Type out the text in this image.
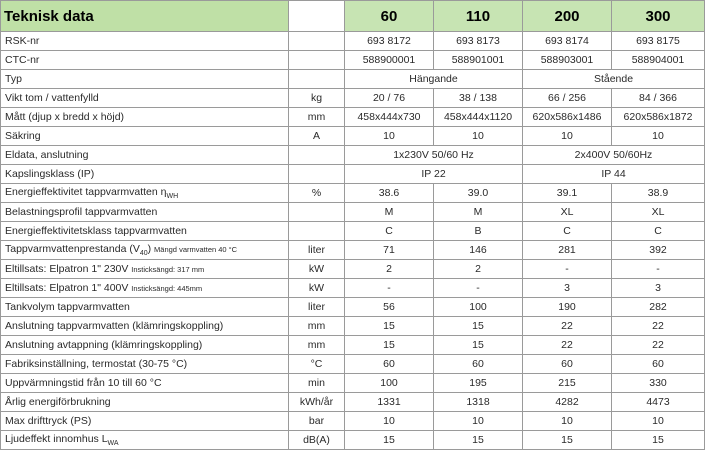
Teknisk data		60	110	200	300
RSK-nr		693 8172	693 8173	693 8174	693 8175
CTC-nr		588900001	588901001	588903001	588904001
Typ		Hängande		Stående	
Vikt tom / vattenfylld	kg	20 / 76	38 / 138	66 / 256	84 / 366
Mått (djup x bredd x höjd)	mm	458x444x730	458x444x1120	620x586x1486	620x586x1872
Säkring	A	10	10	10	10
Eldata, anslutning		1x230V 50/60 Hz		2x400V 50/60Hz	
Kapslingsklass (IP)		IP 22		IP 44	
Energieffektivitet tappvarmvatten $\eta_{WH}$	%	38.6	39.0	39.1	38.9
Belastningsprofil tappvarmvatten		M	M	XL	XL
Energieffektivitetsklass tappvarmvatten		C	B	C	C
Tappvarmvattenprestanda $(V_{40})$ Mängd varmvatten 40 °C	liter	71	146	281	392
Eltillsats: Elpatron 1" 230V Insticksängd: 317 mm	kW	2	2	-	-
Eltillsats: Elpatron 1" 400V Insticksängd: 445mm	kW	-	-	3	3
Tankvolym tappvarmvatten	liter	56	100	190	282
Anslutning tappvarmvatten (klämringskoppling)	mm	15	15	22	22
Anslutning avtappning (klämringskoppling)	mm	15	15	22	22
Fabriksinställning, termostat (30-75 °C)	°C	60	60	60	60
Uppvärmningstid från 10 till 60 °C	min	100	195	215	330
Årlig energiförbrukning	kWh/år	1331	1318	4282	4473
Max drifttryck (PS)	bar	10	10	10	10
Ljudeffekt innomhus $L_{WA}$	dB(A)	15	15	15	15
